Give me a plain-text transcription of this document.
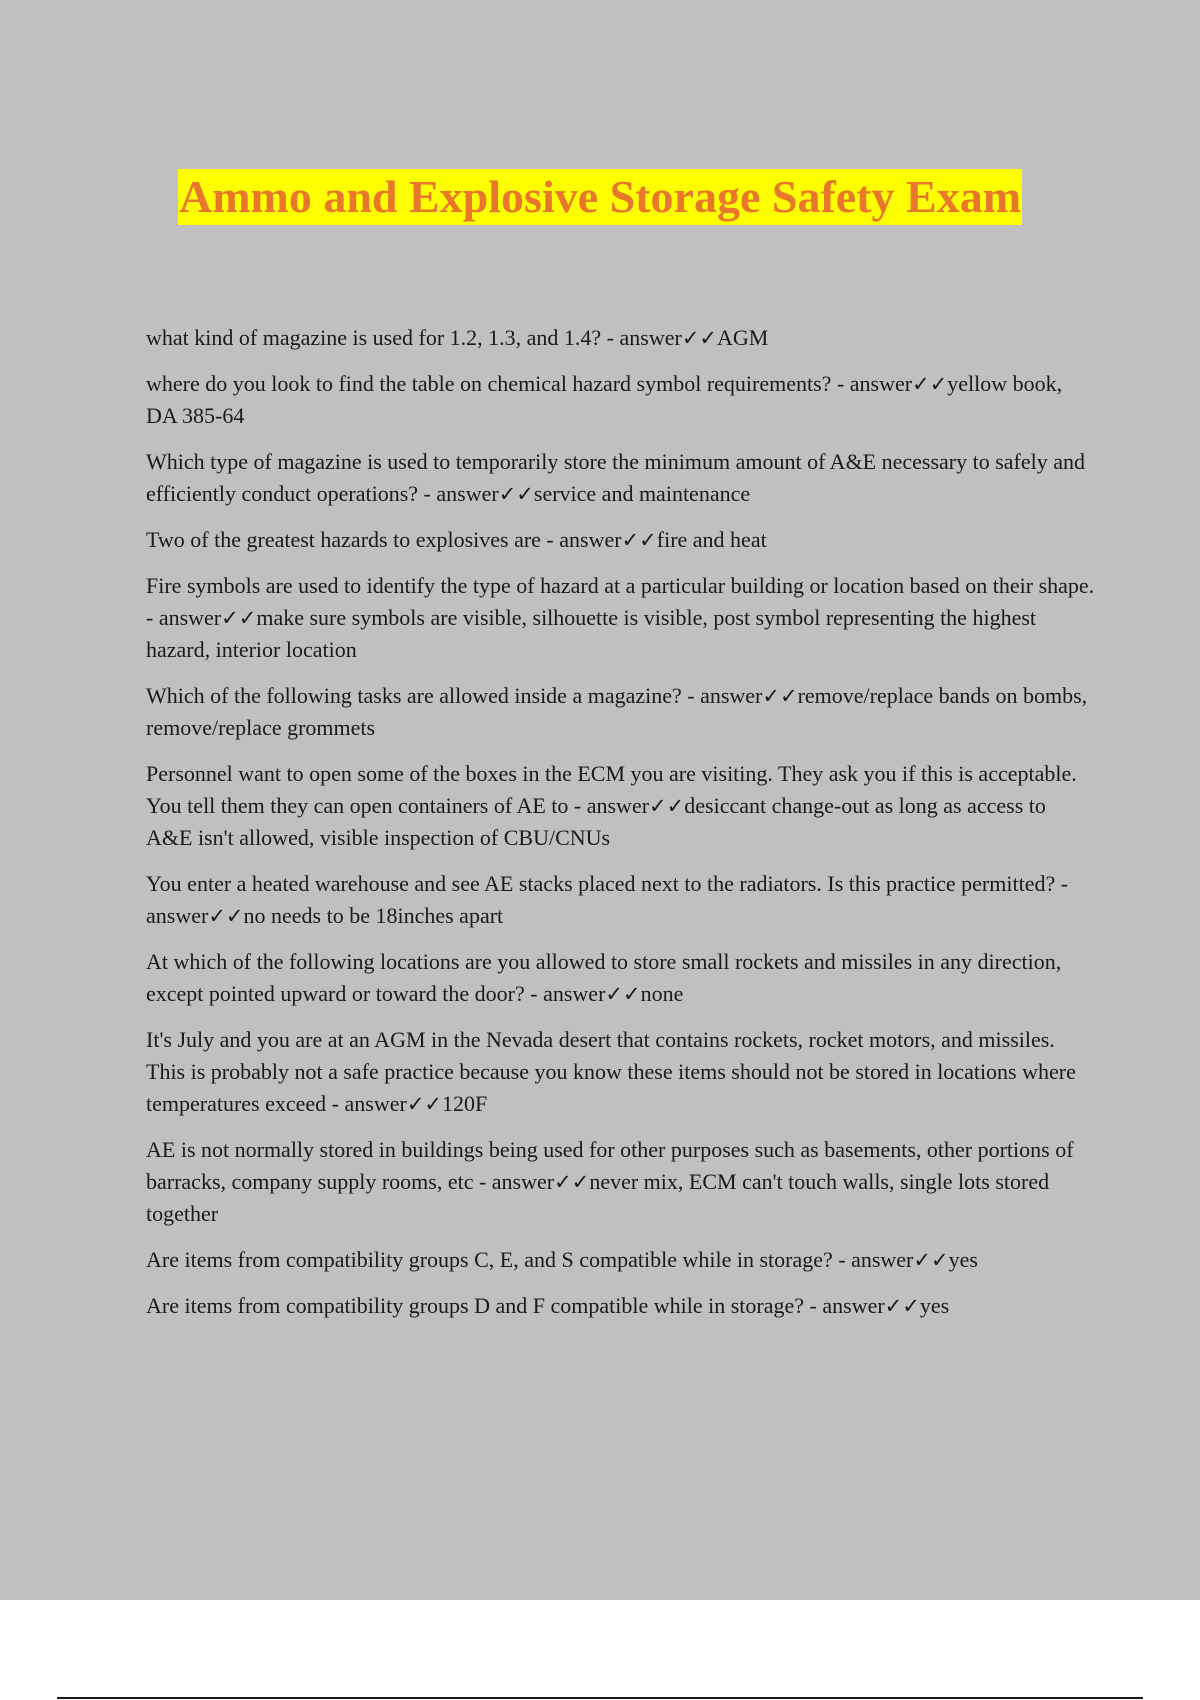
Ammo and Explosive Storage Safety Exam

what kind of magazine is used for 1.2, 1.3, and 1.4? - answer✓✓AGM

where do you look to find the table on chemical hazard symbol requirements? - answer✓✓yellow book, DA 385-64

Which type of magazine is used to temporarily store the minimum amount of A&E necessary to safely and efficiently conduct operations? - answer✓✓service and maintenance

Two of the greatest hazards to explosives are - answer✓✓fire and heat

Fire symbols are used to identify the type of hazard at a particular building or location based on their shape. - answer✓✓make sure symbols are visible, silhouette is visible, post symbol representing the highest hazard, interior location

Which of the following tasks are allowed inside a magazine? - answer✓✓remove/replace bands on bombs, remove/replace grommets

Personnel want to open some of the boxes in the ECM you are visiting. They ask you if this is acceptable. You tell them they can open containers of AE to - answer✓✓desiccant change-out as long as access to A&E isn't allowed, visible inspection of CBU/CNUs

You enter a heated warehouse and see AE stacks placed next to the radiators. Is this practice permitted? - answer✓✓no needs to be 18inches apart

At which of the following locations are you allowed to store small rockets and missiles in any direction, except pointed upward or toward the door? - answer✓✓none

It's July and you are at an AGM in the Nevada desert that contains rockets, rocket motors, and missiles. This is probably not a safe practice because you know these items should not be stored in locations where temperatures exceed - answer✓✓120F

AE is not normally stored in buildings being used for other purposes such as basements, other portions of barracks, company supply rooms, etc - answer✓✓never mix, ECM can't touch walls, single lots stored together

Are items from compatibility groups C, E, and S compatible while in storage? - answer✓✓yes

Are items from compatibility groups D and F compatible while in storage? - answer✓✓yes
